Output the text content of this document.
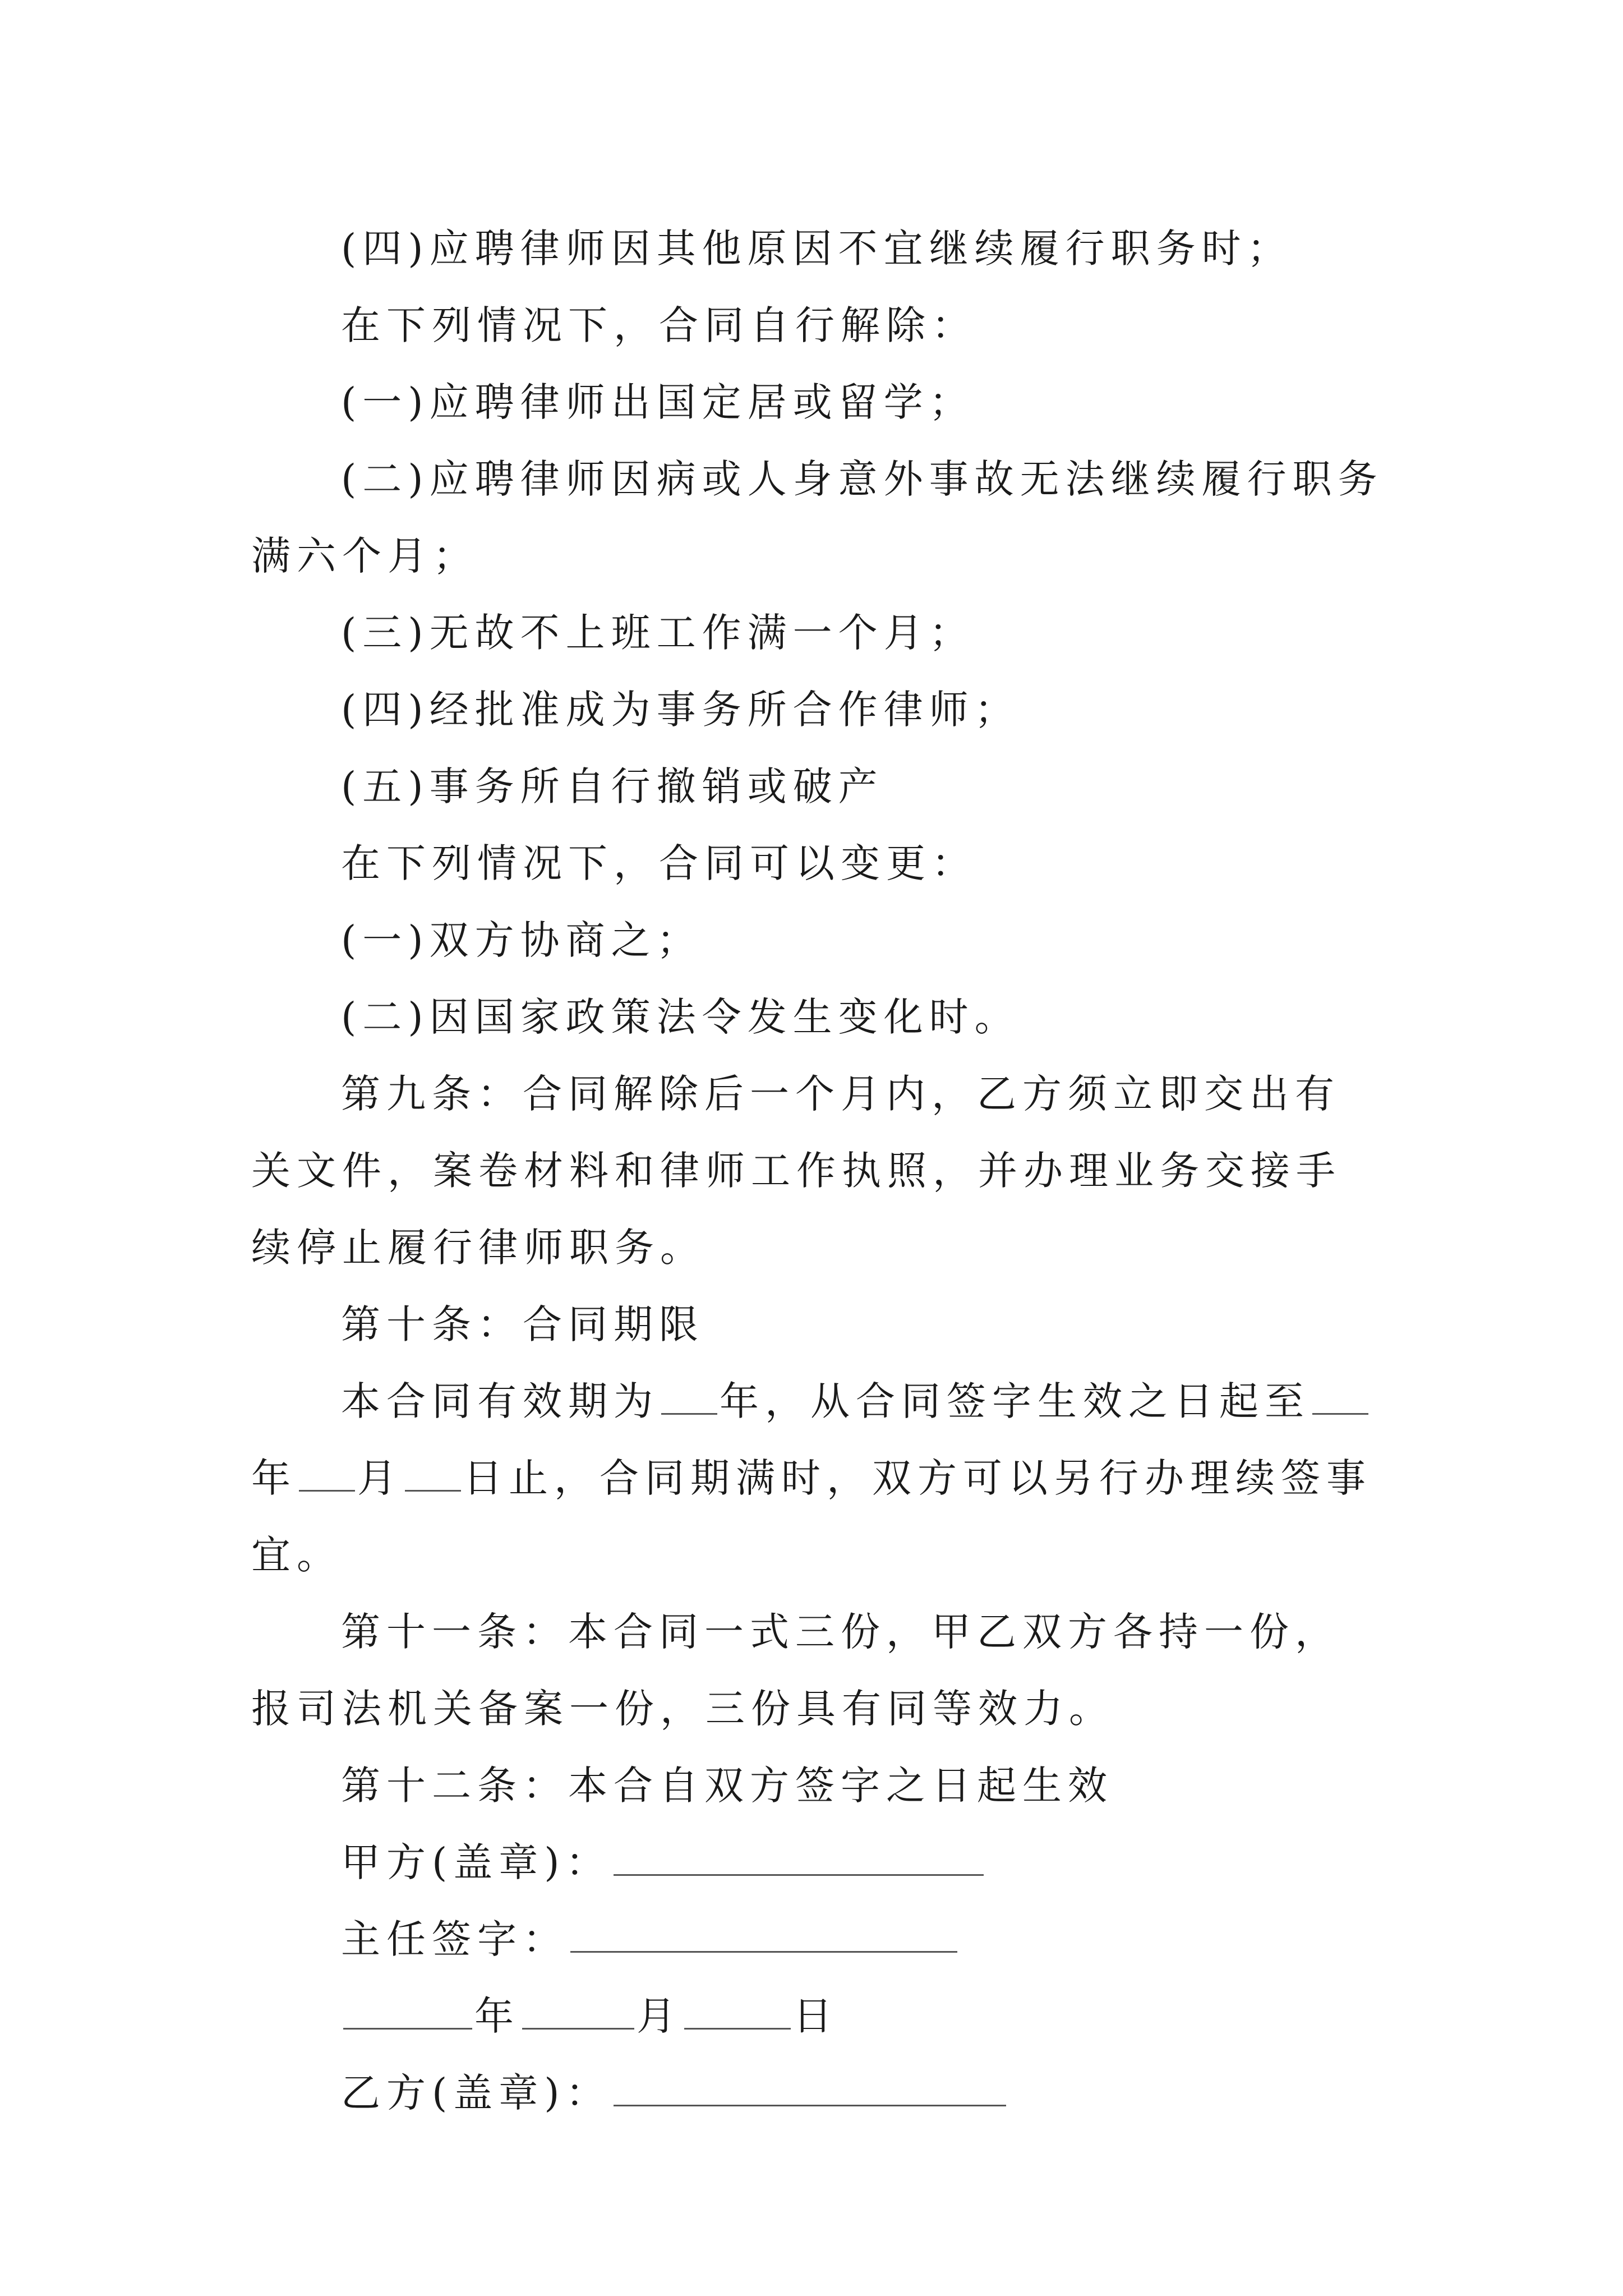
(四)应聘律师因其他原因不宜继续履行职务时；

在下列情况下，合同自行解除：

(一)应聘律师出国定居或留学；

(二)应聘律师因病或人身意外事故无法继续履行职务满六个月；

(三)无故不上班工作满一个月；

(四)经批准成为事务所合作律师；

(五)事务所自行撤销或破产

在下列情况下，合同可以变更：

(一)双方协商之；

(二)因国家政策法令发生变化时。

第九条：合同解除后一个月内，乙方须立即交出有关文件，案卷材料和律师工作执照，并办理业务交接手续停止履行律师职务。

第十条：合同期限

本合同有效期为 年，从合同签字生效之日起至年 月 日止，合同期满时，双方可以另行办理续签事宜。

第十一条：本合同一式三份，甲乙双方各持一份，报司法机关备案一份，三份具有同等效力。

第十二条：本合自双方签字之日起生效

甲方(盖章)：

主任签字：

年	月	日

乙方(盖章)：
